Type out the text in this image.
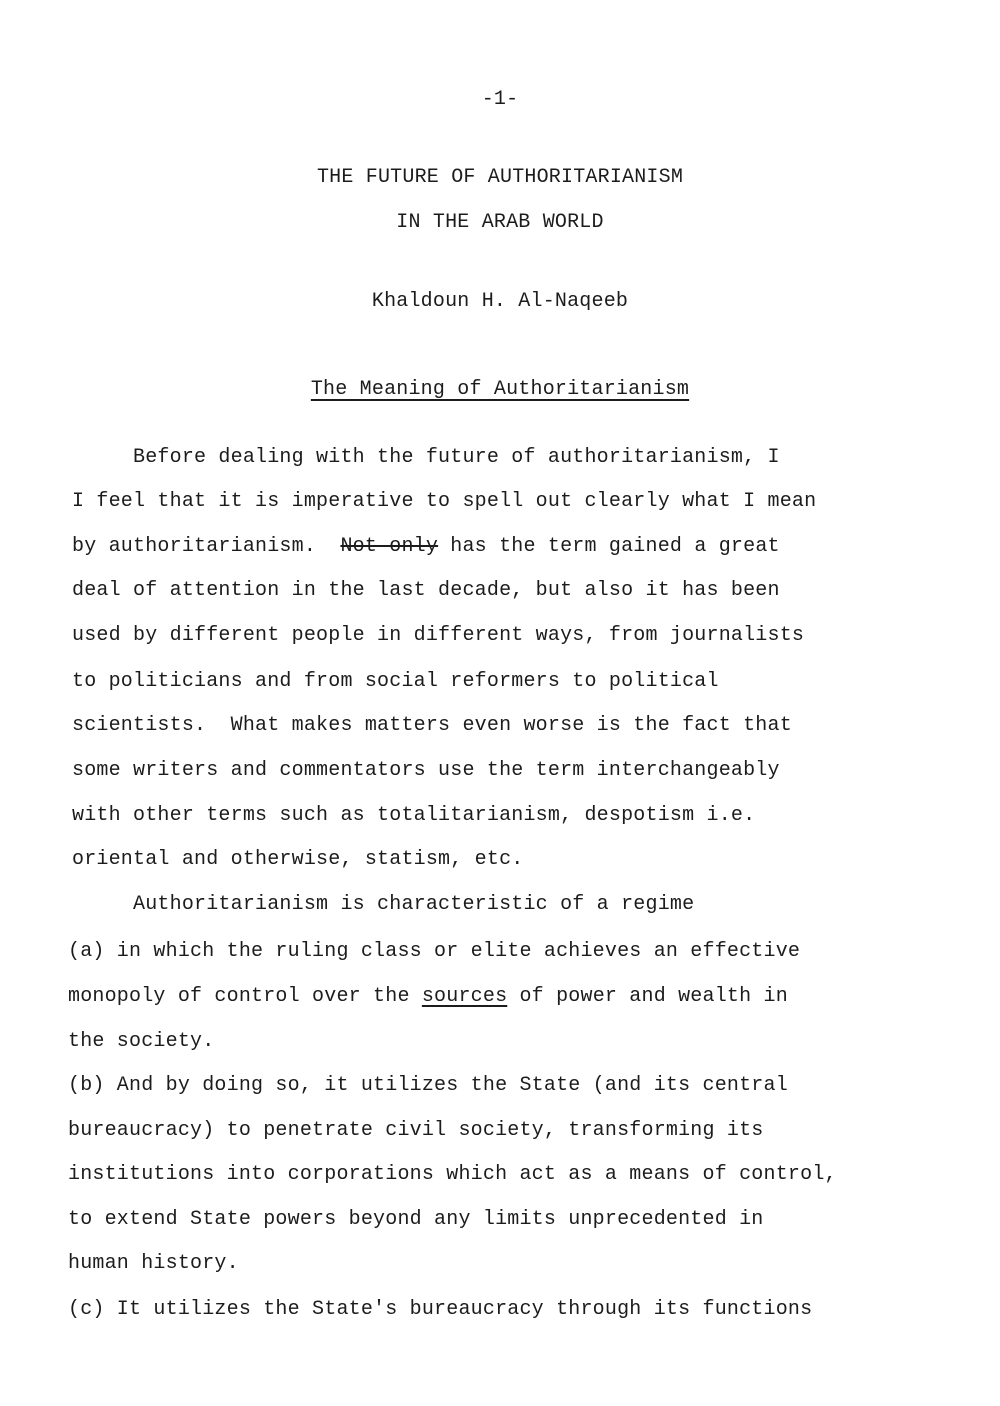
-1-
THE FUTURE OF AUTHORITARIANISM
IN THE ARAB WORLD
Khaldoun H. Al-Naqeeb
The Meaning of Authoritarianism
Before dealing with the future of authoritarianism, I
I feel that it is imperative to spell out clearly what I mean
by authoritarianism.  Not only has the term gained a great
deal of attention in the last decade, but also it has been
used by different people in different ways, from journalists
to politicians and from social reformers to political
scientists.  What makes matters even worse is the fact that
some writers and commentators use the term interchangeably
with other terms such as totalitarianism, despotism i.e.
oriental and otherwise, statism, etc.
Authoritarianism is characteristic of a regime
(a) in which the ruling class or elite achieves an effective
monopoly of control over the sources of power and wealth in
the society.
(b) And by doing so, it utilizes the State (and its central
bureaucracy) to penetrate civil society, transforming its
institutions into corporations which act as a means of control,
to extend State powers beyond any limits unprecedented in
human history.
(c) It utilizes the State's bureaucracy through its functions
